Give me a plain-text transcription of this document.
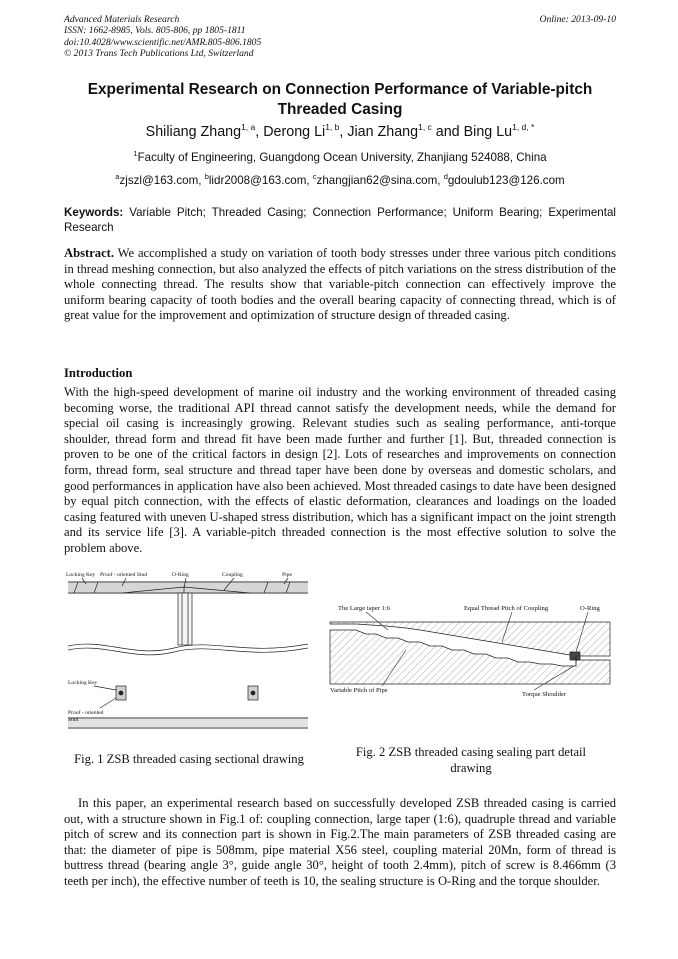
Advanced Materials Research
ISSN: 1662-8985, Vols. 805-806, pp 1805-1811
doi:10.4028/www.scientific.net/AMR.805-806.1805
© 2013 Trans Tech Publications Ltd, Switzerland
Online: 2013-09-10
Experimental Research on Connection Performance of Variable-pitch Threaded Casing
Shiliang Zhang$^{1, a}$, Derong Li$^{1, b}$, Jian Zhang$^{1, c}$ and Bing $Lu^{1, d, *}$
$^1$Faculty of Engineering, Guangdong Ocean University, Zhanjiang 524088, China
$^a$zjszl@163.com, $^b$lidr2008@163.com, $^c$zhangjian62@sina.com, $^d$gdoulub123@126.com
Keywords: Variable Pitch; Threaded Casing; Connection Performance; Uniform Bearing; Experimental Research
Abstract. We accomplished a study on variation of tooth body stresses under three various pitch conditions in thread meshing connection, but also analyzed the effects of pitch variations on the stress distribution of the whole connecting thread. The results show that variable-pitch connection can effectively improve the uniform bearing capacity of tooth bodies and the overall bearing capacity of connecting thread, which is of great value for the improvement and optimization of structure design of threaded casing.
Introduction
With the high-speed development of marine oil industry and the working environment of threaded casing becoming worse, the traditional API thread cannot satisfy the development needs, while the demand for special oil casing is increasingly growing. Relevant studies such as sealing performance, anti-torque shoulder, thread form and thread fit have been made further and further [1]. But, threaded connection is proven to be one of the critical factors in design [2]. Lots of researches and improvements on connection form, thread form, seal structure and thread taper have been done by overseas and domestic scholars, and good performances in application have also been achieved. Most threaded casings to date have been designed by equal pitch connection, with the effects of elastic deformation, clearances and loadings on the loaded casing featured with uneven U-shaped stress distribution, which has a significant impact on the joint strength and its service life [3]. A variable-pitch threaded connection is the most effective solution to solve the problem above.
Locking Key Proof - oriented Stud	O-Ring	Coupling	Pipe
Locking Key
Proof - oriented
Stud
The Large taper 1:6	Equal Thread Pitch of Coupling	O-Ring
Variable Pitch of Pipe
Torque Shoulder
Fig. 1 ZSB threaded casing sectional drawing	Fig. 2 ZSB threaded casing sealing part detail drawing
In this paper, an experimental research based on successfully developed ZSB threaded casing is carried out, with a structure shown in Fig.1 of: coupling connection, large taper (1:6), quadruple thread and variable pitch of screw and its connection part is shown in Fig.2.The main parameters of ZSB threaded casing are that: the diameter of pipe is 508mm, pipe material X56 steel, coupling material 20Mn, form of thread is buttress thread (bearing angle 3°, guide angle 30°, height of tooth 2.4mm), pitch of screw is 8.466mm (3 teeth per inch), the effective number of teeth is 10, the sealing structure is O-Ring and the torque shoulder.
